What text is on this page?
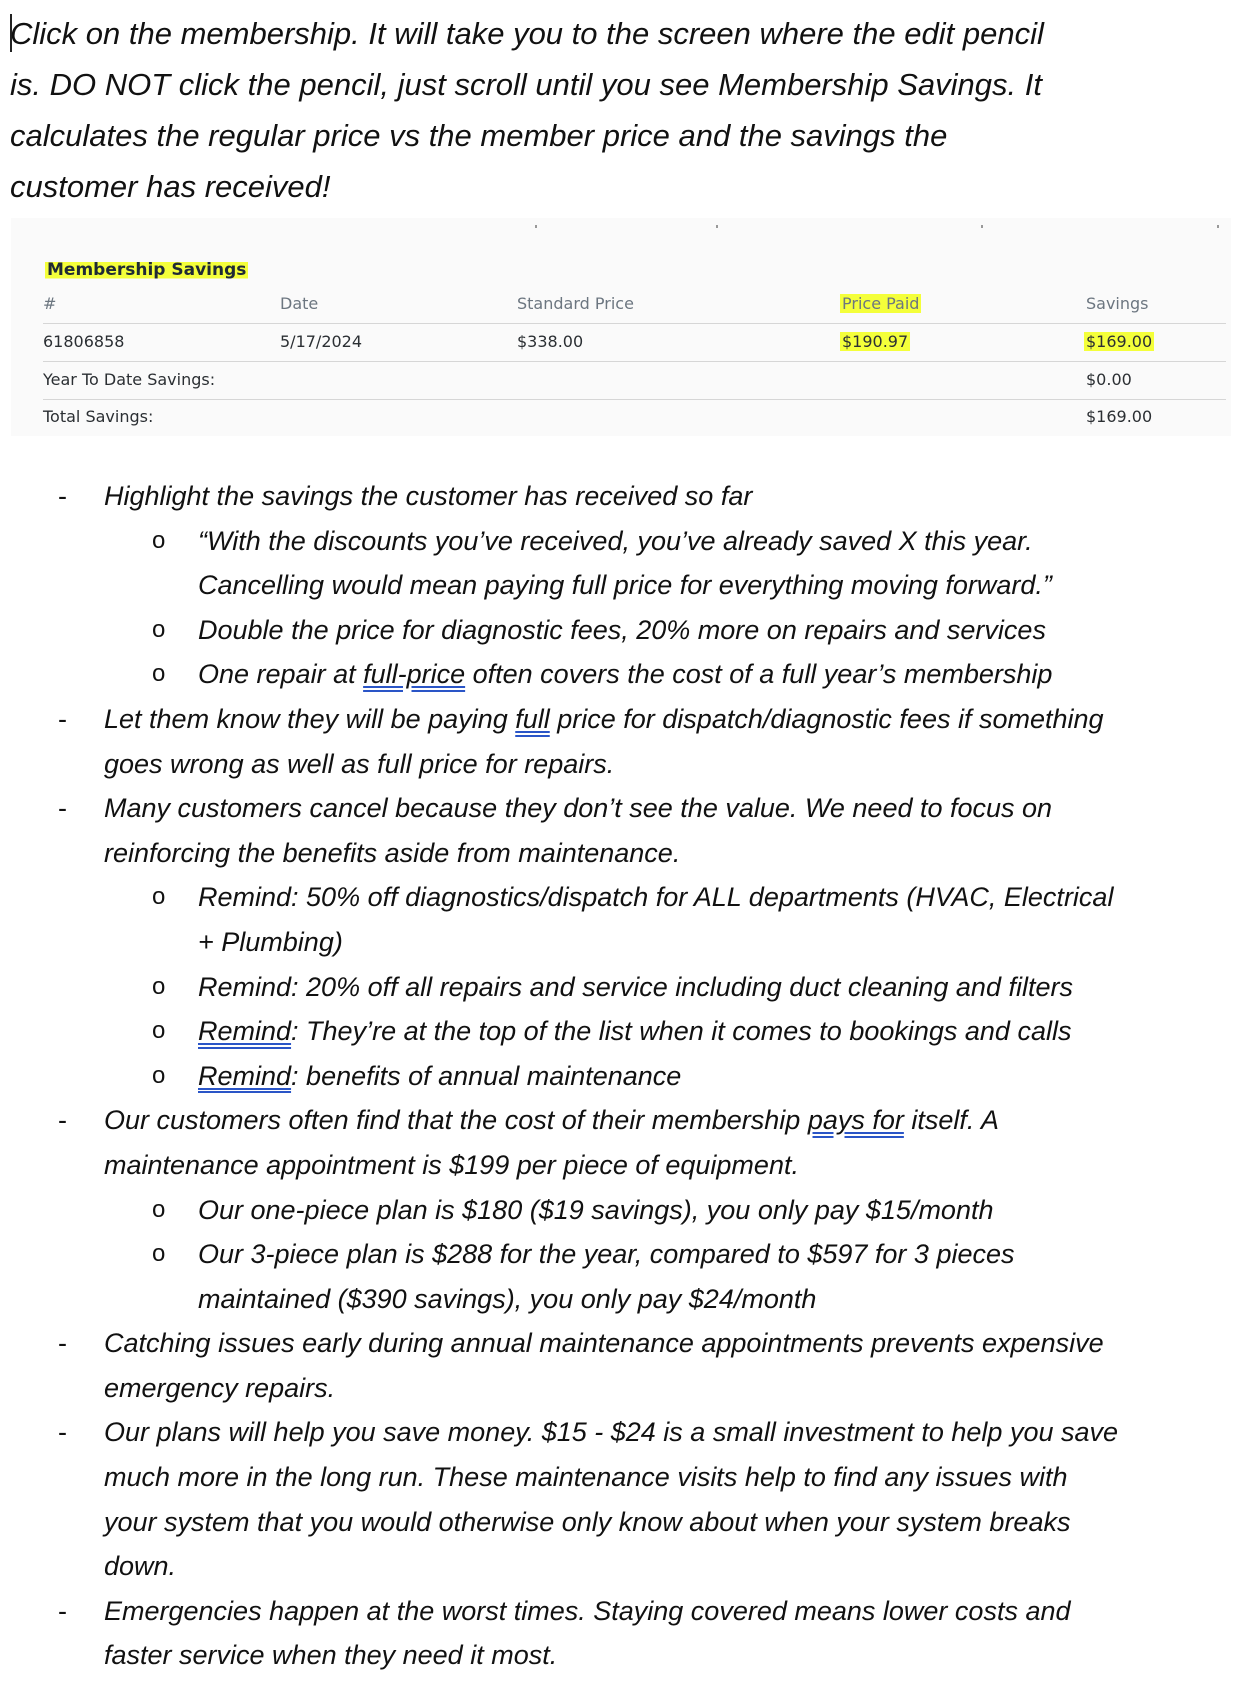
Click on the membership. It will take you to the screen where the edit pencil
is. DO NOT click the pencil, just scroll until you see Membership Savings. It
calculates the regular price vs the member price and the savings the
customer has received!

Membership Savings
#	Date	Standard Price	Price Paid	Savings
61806858	5/17/2024	$338.00	$190.97	$169.00
Year To Date Savings:	$0.00
Total Savings:	$169.00
- Highlight the savings the customer has received so far
o “With the discounts you’ve received, you’ve already saved X this year.
Cancelling would mean paying full price for everything moving forward.”
o Double the price for diagnostic fees, 20% more on repairs and services
o One repair at full-price often covers the cost of a full year’s membership
- Let them know they will be paying full price for dispatch/diagnostic fees if something
goes wrong as well as full price for repairs.
- Many customers cancel because they don’t see the value. We need to focus on
reinforcing the benefits aside from maintenance.
o Remind: 50% off diagnostics/dispatch for ALL departments (HVAC, Electrical
+ Plumbing)
o Remind: 20% off all repairs and service including duct cleaning and filters
o Remind: They’re at the top of the list when it comes to bookings and calls
o Remind: benefits of annual maintenance
- Our customers often find that the cost of their membership pays for itself. A
maintenance appointment is $199 per piece of equipment.
o Our one-piece plan is $180 ($19 savings), you only pay $15/month
o Our 3-piece plan is $288 for the year, compared to $597 for 3 pieces
maintained ($390 savings), you only pay $24/month
- Catching issues early during annual maintenance appointments prevents expensive
emergency repairs.
- Our plans will help you save money. $15 - $24 is a small investment to help you save
much more in the long run. These maintenance visits help to find any issues with
your system that you would otherwise only know about when your system breaks
down.
- Emergencies happen at the worst times. Staying covered means lower costs and
faster service when they need it most.
